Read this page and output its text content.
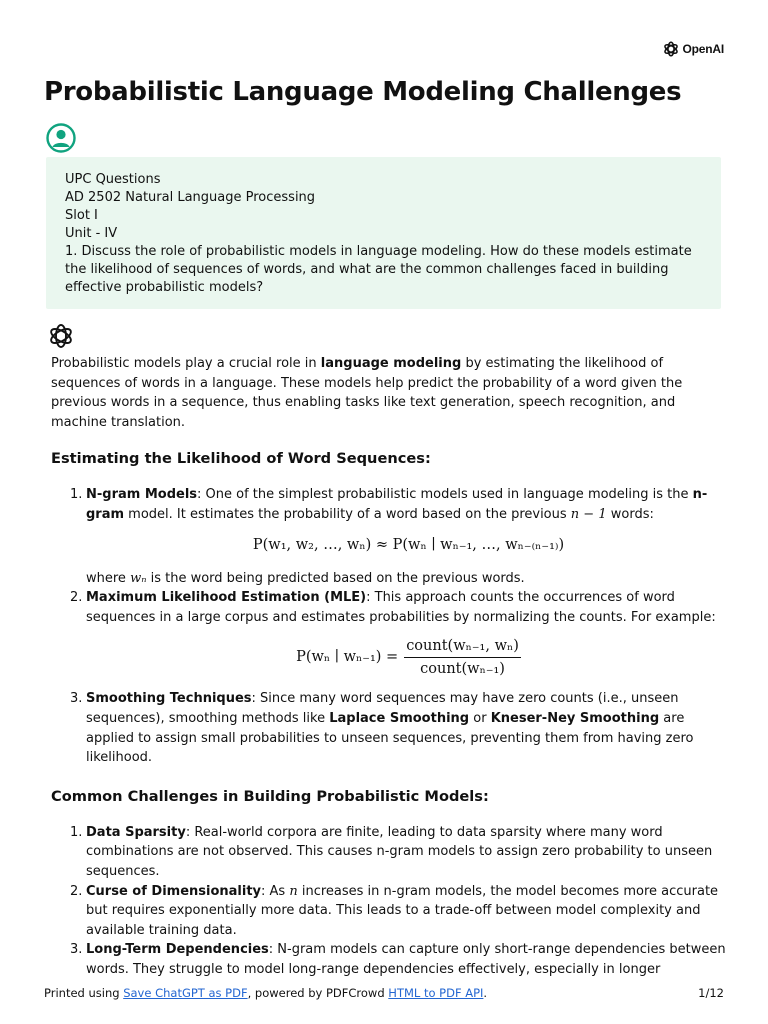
OpenAI
Probabilistic Language Modeling Challenges
UPC Questions
AD 2502 Natural Language Processing
Slot I
Unit - IV
1. Discuss the role of probabilistic models in language modeling. How do these models estimate the likelihood of sequences of words, and what are the common challenges faced in building effective probabilistic models?

Probabilistic models play a crucial role in language modeling by estimating the likelihood of sequences of words in a language. These models help predict the probability of a word given the previous words in a sequence, thus enabling tasks like text generation, speech recognition, and machine translation.

Estimating the Likelihood of Word Sequences:
1. N-gram Models: One of the simplest probabilistic models used in language modeling is the n-gram model. It estimates the probability of a word based on the previous n − 1 words:
P(w₁, w₂, …, wₙ) ≈ P(wₙ ∣ wₙ₋₁, …, wₙ₋₍ₙ₋₁₎)
where wₙ is the word being predicted based on the previous words.
2. Maximum Likelihood Estimation (MLE): This approach counts the occurrences of word sequences in a large corpus and estimates probabilities by normalizing the counts. For example:
P(wₙ ∣ $w_{n-1}) = \frac{\text{count(wₙ₋₁, wₙ)}}{\text{count(wₙ₋₁)}}$
3. Smoothing Techniques: Since many word sequences may have zero counts (i.e., unseen sequences), smoothing methods like Laplace Smoothing or Kneser-Ney Smoothing are applied to assign small probabilities to unseen sequences, preventing them from having zero likelihood.
Common Challenges in Building Probabilistic Models:
1. Data Sparsity: Real-world corpora are finite, leading to data sparsity where many word combinations are not observed. This causes n-gram models to assign zero probability to unseen sequences.
2. Curse of Dimensionality: As n increases in n-gram models, the model becomes more accurate but requires exponentially more data. This leads to a trade-off between model complexity and available training data.
3. Long-Term Dependencies: N-gram models can capture only short-range dependencies between words. They struggle to model long-range dependencies effectively, especially in longer
Printed using Save ChatGPT as PDF, powered by PDFCrowd HTML to PDF API.	1/12
